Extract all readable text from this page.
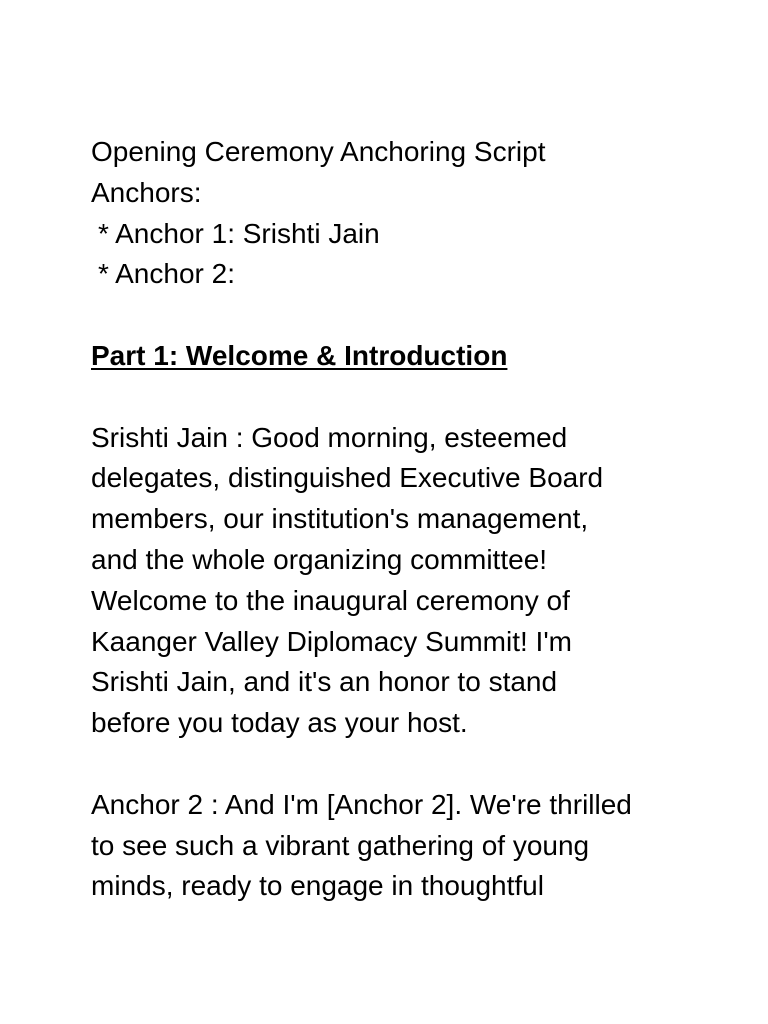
Opening Ceremony Anchoring Script
Anchors:
* Anchor 1: Srishti Jain
* Anchor 2:
Part 1: Welcome & Introduction
Srishti Jain : Good morning, esteemed
delegates, distinguished Executive Board
members, our institution's management,
and the whole organizing committee!
Welcome to the inaugural ceremony of
Kaanger Valley Diplomacy Summit! I'm
Srishti Jain, and it's an honor to stand
before you today as your host.
Anchor 2 : And I'm [Anchor 2]. We're thrilled
to see such a vibrant gathering of young
minds, ready to engage in thoughtful
